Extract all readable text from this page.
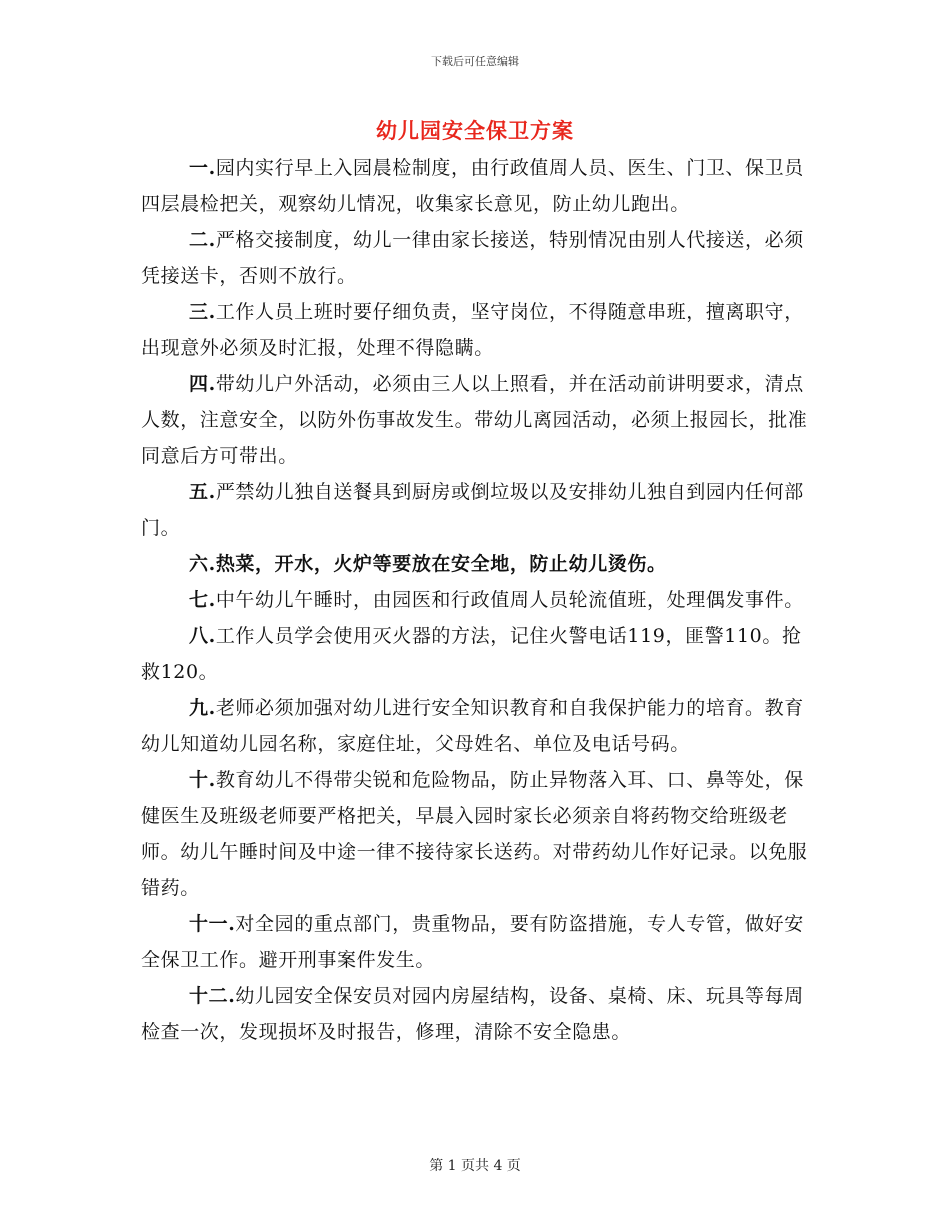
下载后可任意编辑
幼儿园安全保卫方案

一.园内实行早上入园晨检制度，由行政值周人员、医生、门卫、保卫员四层晨检把关，观察幼儿情况，收集家长意见，防止幼儿跑出。

二.严格交接制度，幼儿一律由家长接送，特别情况由别人代接送，必须凭接送卡，否则不放行。

三.工作人员上班时要仔细负责，坚守岗位，不得随意串班，擅离职守，出现意外必须及时汇报，处理不得隐瞒。

四.带幼儿户外活动，必须由三人以上照看，并在活动前讲明要求，清点人数，注意安全，以防外伤事故发生。带幼儿离园活动，必须上报园长，批准同意后方可带出。

五.严禁幼儿独自送餐具到厨房或倒垃圾以及安排幼儿独自到园内任何部门。

六.热菜，开水，火炉等要放在安全地，防止幼儿烫伤。

七.中午幼儿午睡时，由园医和行政值周人员轮流值班，处理偶发事件。

八.工作人员学会使用灭火器的方法，记住火警电话119，匪警110。抢救120。

九.老师必须加强对幼儿进行安全知识教育和自我保护能力的培育。教育幼儿知道幼儿园名称，家庭住址，父母姓名、单位及电话号码。

十.教育幼儿不得带尖锐和危险物品，防止异物落入耳、口、鼻等处，保健医生及班级老师要严格把关，早晨入园时家长必须亲自将药物交给班级老师。幼儿午睡时间及中途一律不接待家长送药。对带药幼儿作好记录。以免服错药。

十一.对全园的重点部门，贵重物品，要有防盗措施，专人专管，做好安全保卫工作。避开刑事案件发生。

十二.幼儿园安全保安员对园内房屋结构，设备、桌椅、床、玩具等每周检查一次，发现损坏及时报告，修理，清除不安全隐患。

第 1 页共 4 页
